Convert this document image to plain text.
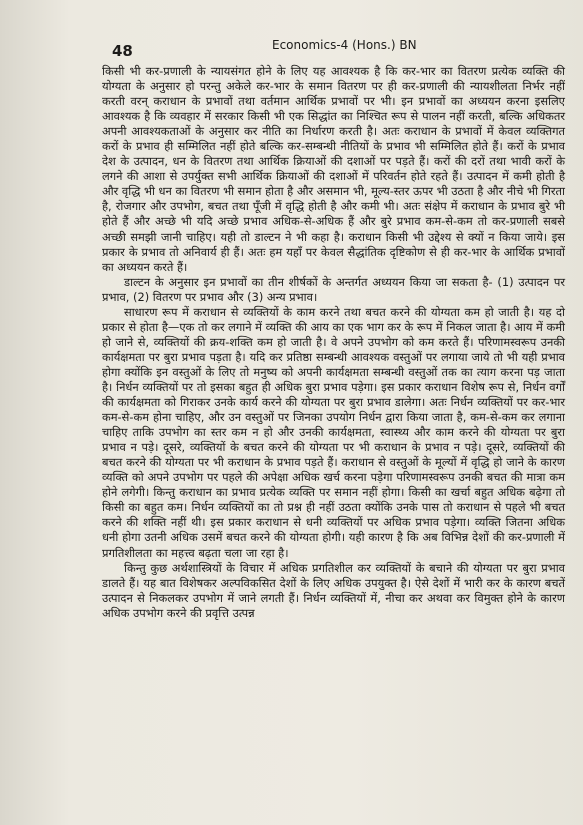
48	Economics-4 (Hons.) BN

किसी भी कर-प्रणाली के न्यायसंगत होने के लिए यह आवश्यक है कि कर-भार का वितरण प्रत्येक व्यक्ति की योग्यता के अनुसार हो परन्तु अकेले कर-भार के समान वितरण पर ही कर-प्रणाली की न्यायशीलता निर्भर नहीं करती वरन् कराधान के प्रभावों तथा वर्तमान आर्थिक प्रभावों पर भी। इन प्रभावों का अध्ययन करना इसलिए आवश्यक है कि व्यवहार में सरकार किसी भी एक सिद्धांत का निश्चित रूप से पालन नहीं करती, बल्कि अधिकतर अपनी आवश्यकताओं के अनुसार कर नीति का निर्धारण करती है। अतः कराधान के प्रभावों में केवल व्यक्तिगत करों के प्रभाव ही सम्मिलित नहीं होते बल्कि कर-सम्बन्धी नीतियों के प्रभाव भी सम्मिलित होते हैं। करों के प्रभाव देश के उत्पादन, धन के वितरण तथा आर्थिक क्रियाओं की दशाओं पर पड़ते हैं। करों की दरों तथा भावी करों के लगने की आशा से उपर्युक्त सभी आर्थिक क्रियाओं की दशाओं में परिवर्तन होते रहते हैं। उत्पादन में कमी होती है और वृद्धि भी धन का वितरण भी समान होता है और असमान भी, मूल्य-स्तर ऊपर भी उठता है और नीचे भी गिरता है, रोजगार और उपभोग, बचत तथा पूँजी में वृद्धि होती है और कमी भी। अतः संक्षेप में कराधान के प्रभाव बुरे भी होते हैं और अच्छे भी यदि अच्छे प्रभाव अधिक-से-अधिक हैं और बुरे प्रभाव कम-से-कम तो कर-प्रणाली सबसे अच्छी समझी जानी चाहिए। यही तो डाल्टन ने भी कहा है। कराधान किसी भी उद्देश्य से क्यों न किया जाये। इस प्रकार के प्रभाव तो अनिवार्य ही हैं। अतः हम यहाँ पर केवल सैद्धांतिक दृष्टिकोण से ही कर-भार के आर्थिक प्रभावों का अध्ययन करते हैं।

डाल्टन के अनुसार इन प्रभावों का तीन शीर्षकों के अन्तर्गत अध्ययन किया जा सकता है- (1) उत्पादन पर प्रभाव, (2) वितरण पर प्रभाव और (3) अन्य प्रभाव।

साधारण रूप में कराधान से व्यक्तियों के काम करने तथा बचत करने की योग्यता कम हो जाती है। यह दो प्रकार से होता है—एक तो कर लगाने में व्यक्ति की आय का एक भाग कर के रूप में निकल जाता है। आय में कमी हो जाने से, व्यक्तियों की क्रय-शक्ति कम हो जाती है। वे अपने उपभोग को कम करते हैं। परिणामस्वरूप उनकी कार्यक्षमता पर बुरा प्रभाव पड़ता है। यदि कर प्रतिष्ठा सम्बन्धी आवश्यक वस्तुओं पर लगाया जाये तो भी यही प्रभाव होगा क्योंकि इन वस्तुओं के लिए तो मनुष्य को अपनी कार्यक्षमता सम्बन्धी वस्तुओं तक का त्याग करना पड़ जाता है। निर्धन व्यक्तियों पर तो इसका बहुत ही अधिक बुरा प्रभाव पड़ेगा। इस प्रकार कराधान विशेष रूप से, निर्धन वर्गों की कार्यक्षमता को गिराकर उनके कार्य करने की योग्यता पर बुरा प्रभाव डालेगा। अतः निर्धन व्यक्तियों पर कर-भार कम-से-कम होना चाहिए, और उन वस्तुओं पर जिनका उपयोग निर्धन द्वारा किया जाता है, कम-से-कम कर लगाना चाहिए ताकि उपभोग का स्तर कम न हो और उनकी कार्यक्षमता, स्वास्थ्य और काम करने की योग्यता पर बुरा प्रभाव न पड़े। दूसरे, व्यक्तियों के बचत करने की योग्यता पर भी कराधान के प्रभाव न पड़े। दूसरे, व्यक्तियों की बचत करने की योग्यता पर भी कराधान के प्रभाव पड़ते हैं। कराधान से वस्तुओं के मूल्यों में वृद्धि हो जाने के कारण व्यक्ति को अपने उपभोग पर पहले की अपेक्षा अधिक खर्च करना पड़ेगा परिणामस्वरूप उनकी बचत की मात्रा कम होने लगेगी। किन्तु कराधान का प्रभाव प्रत्येक व्यक्ति पर समान नहीं होगा। किसी का खर्चा बहुत अधिक बढ़ेगा तो किसी का बहुत कम। निर्धन व्यक्तियों का तो प्रश्न ही नहीं उठता क्योंकि उनके पास तो कराधान से पहले भी बचत करने की शक्ति नहीं थी। इस प्रकार कराधान से धनी व्यक्तियों पर अधिक प्रभाव पड़ेगा। व्यक्ति जितना अधिक धनी होगा उतनी अधिक उसमें बचत करने की योग्यता होगी। यही कारण है कि अब विभिन्न देशों की कर-प्रणाली में प्रगतिशीलता का महत्त्व बढ़ता चला जा रहा है।

किन्तु कुछ अर्थशास्त्रियों के विचार में अधिक प्रगतिशील कर व्यक्तियों के बचाने की योग्यता पर बुरा प्रभाव डालते हैं। यह बात विशेषकर अल्पविकसित देशों के लिए अधिक उपयुक्त है। ऐसे देशों में भारी कर के कारण बचतें उत्पादन से निकलकर उपभोग में जाने लगती हैं। निर्धन व्यक्तियों में, नीचा कर अथवा कर विमुक्त होने के कारण अधिक उपभोग करने की प्रवृत्ति उत्पन्न
